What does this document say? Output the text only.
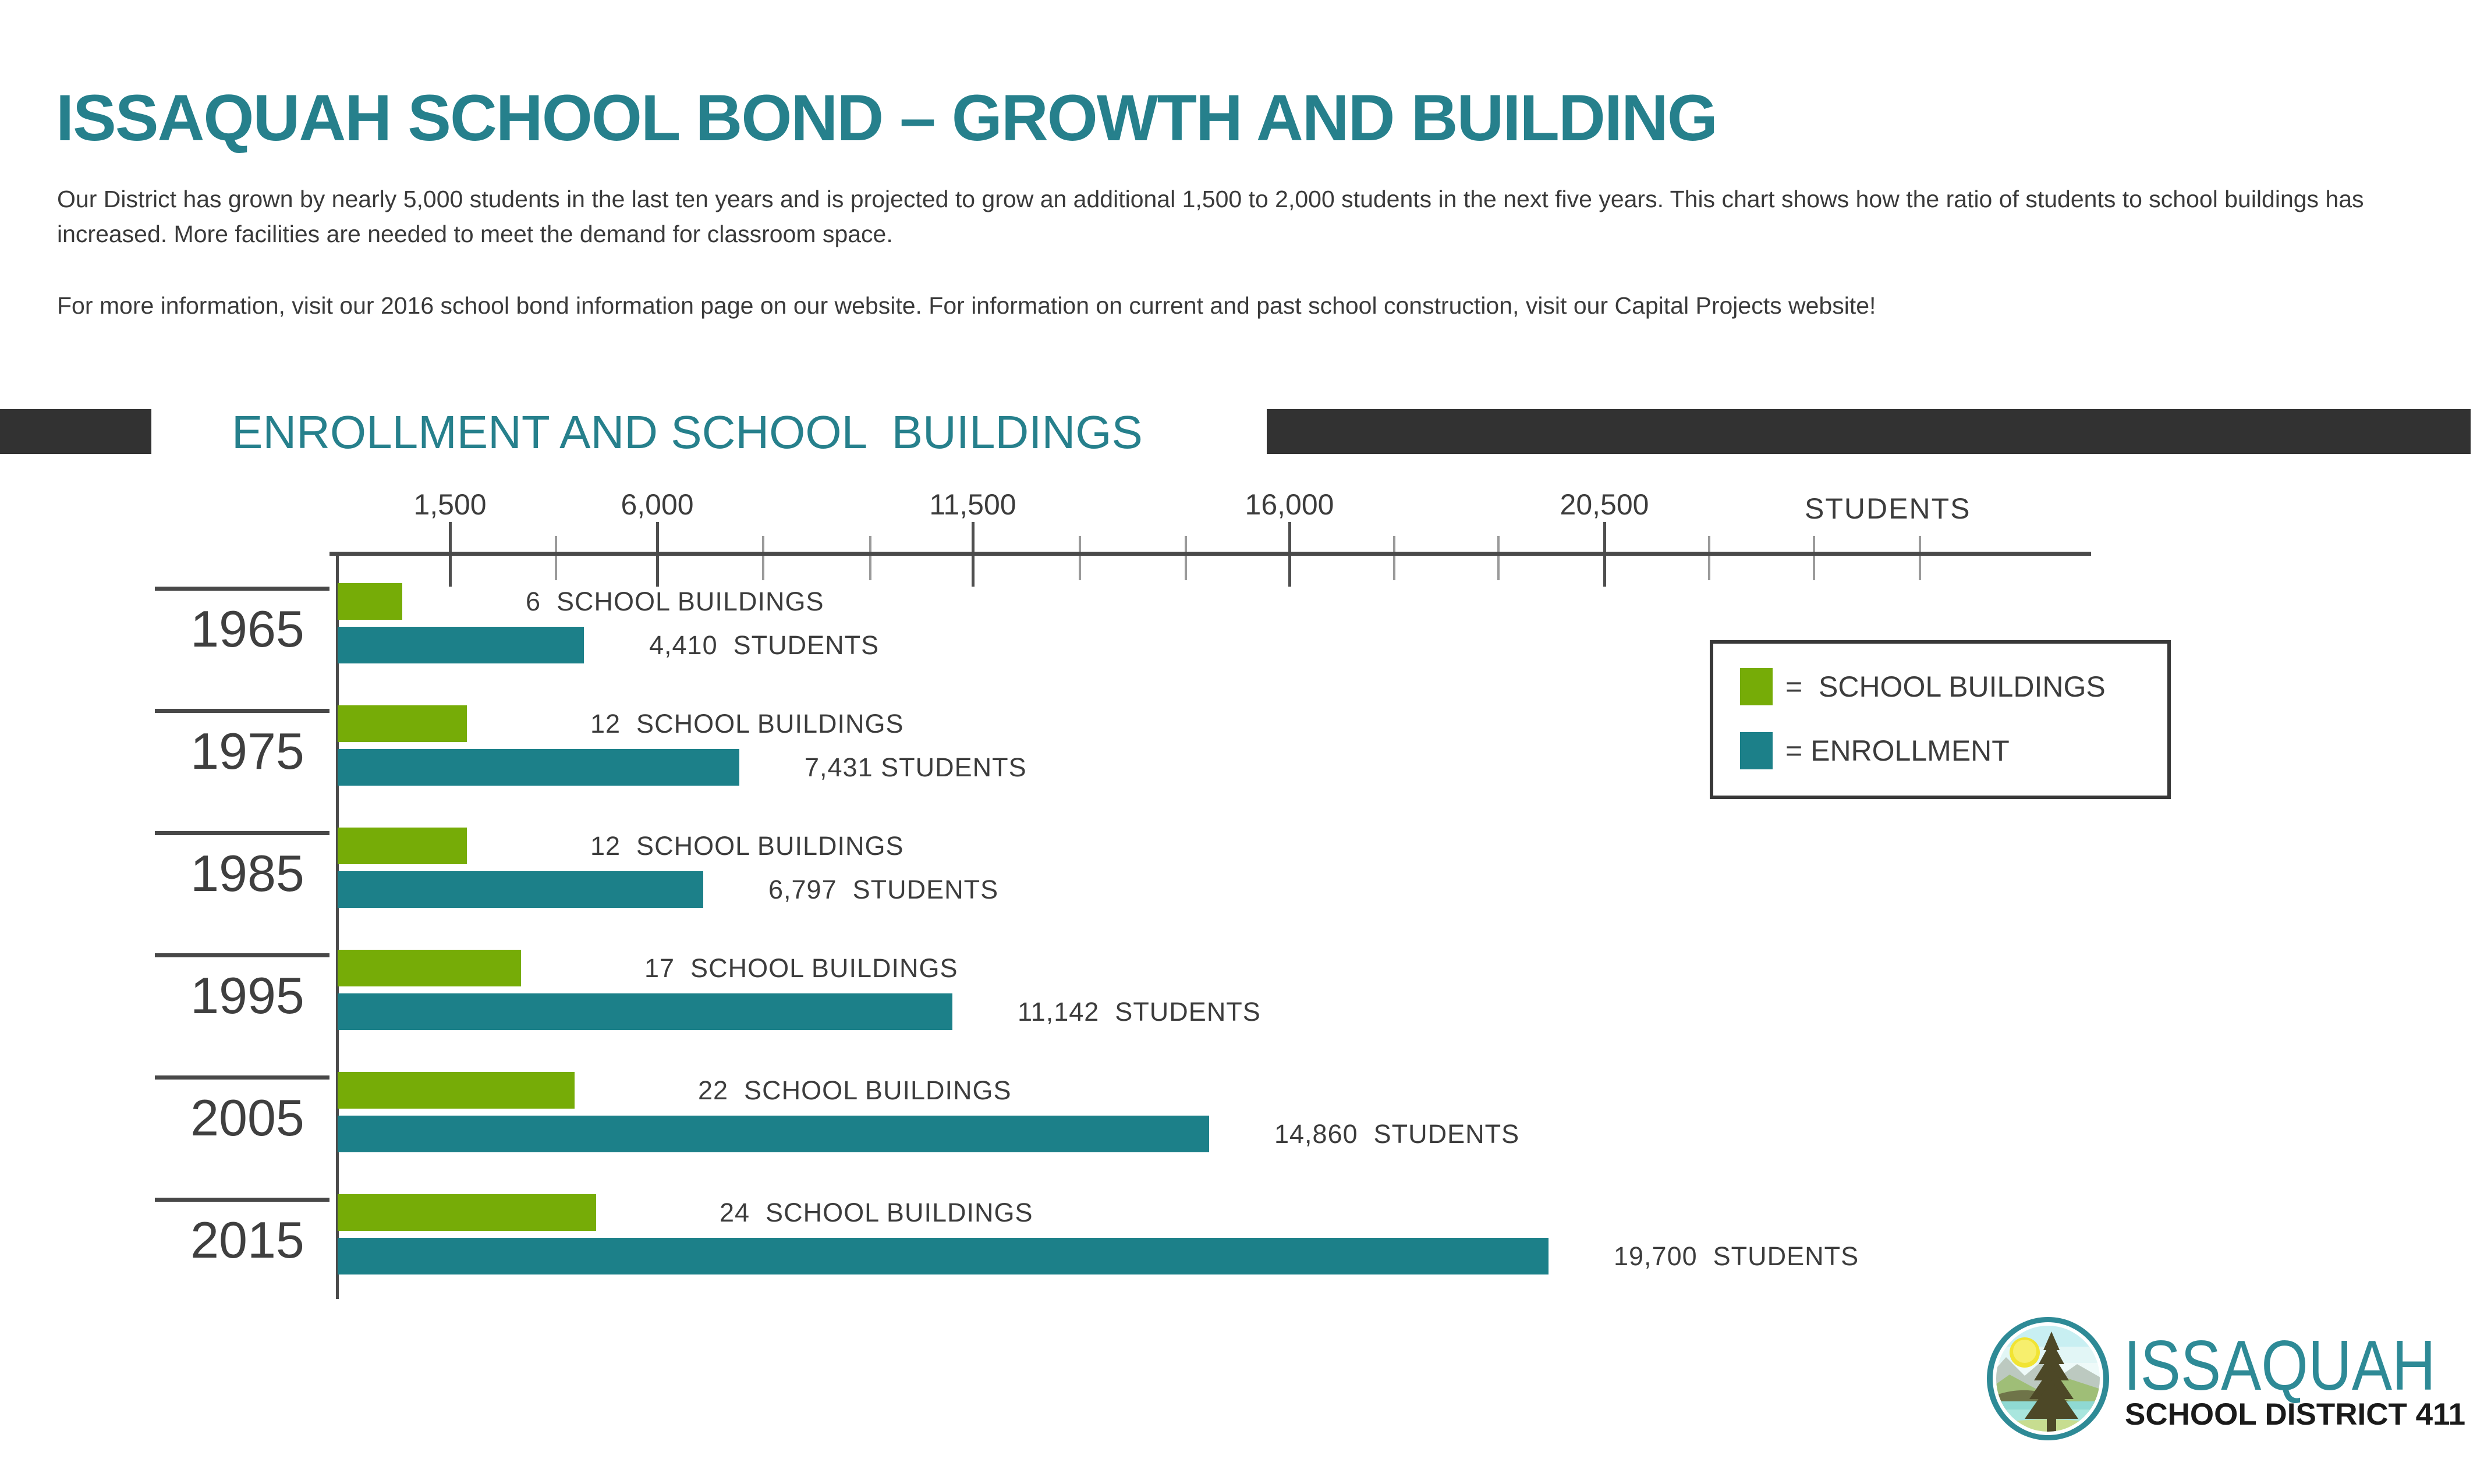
ISSAQUAH SCHOOL BOND – GROWTH AND BUILDING
Our District has grown by nearly 5,000 students in the last ten years and is projected to grow an additional 1,500 to 2,000 students in the next five years. This chart shows how the ratio of students to school buildings has increased. More facilities are needed to meet the demand for classroom space.
For more information, visit our 2016 school bond information page on our website. For information on current and past school construction, visit our Capital Projects website!
ENROLLMENT AND SCHOOL  BUILDINGS
STUDENTS
1,500	6,000	11,500	16,000	20,500
1965	6  SCHOOL BUILDINGS
4,410  STUDENTS
1975	12  SCHOOL BUILDINGS
7,431 STUDENTS
1985	12  SCHOOL BUILDINGS
6,797  STUDENTS
1995	17  SCHOOL BUILDINGS
11,142  STUDENTS
2005	22  SCHOOL BUILDINGS
14,860  STUDENTS
2015	24  SCHOOL BUILDINGS
19,700  STUDENTS
=  SCHOOL BUILDINGS
= ENROLLMENT
ISSAQUAH
SCHOOL DISTRICT 411
